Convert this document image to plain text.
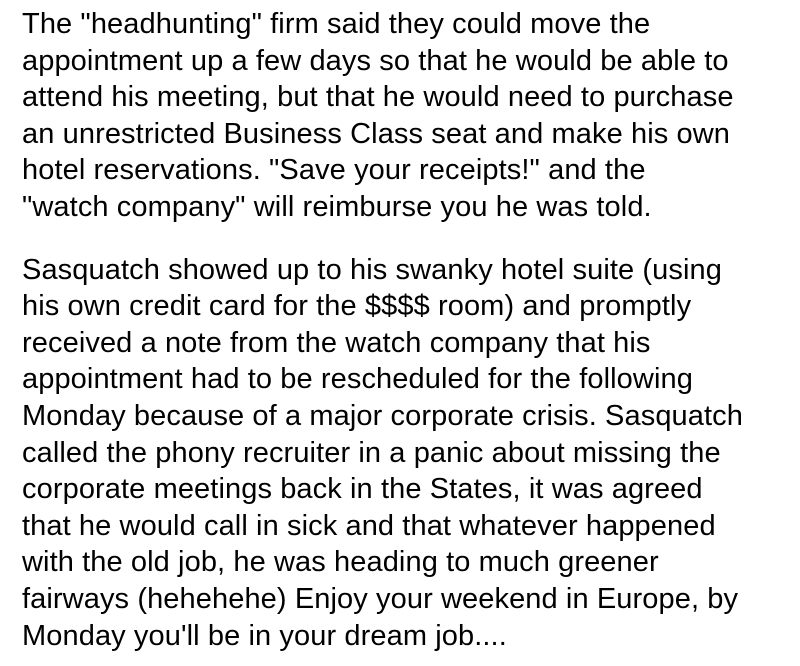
The "headhunting" firm said they could move the
appointment up a few days so that he would be able to
attend his meeting, but that he would need to purchase
an unrestricted Business Class seat and make his own
hotel reservations. "Save your receipts!" and the
"watch company" will reimburse you he was told.
Sasquatch showed up to his swanky hotel suite (using
his own credit card for the $$$$ room) and promptly
received a note from the watch company that his
appointment had to be rescheduled for the following
Monday because of a major corporate crisis. Sasquatch
called the phony recruiter in a panic about missing the
corporate meetings back in the States, it was agreed
that he would call in sick and that whatever happened
with the old job, he was heading to much greener
fairways (hehehehe) Enjoy your weekend in Europe, by
Monday you'll be in your dream job....
